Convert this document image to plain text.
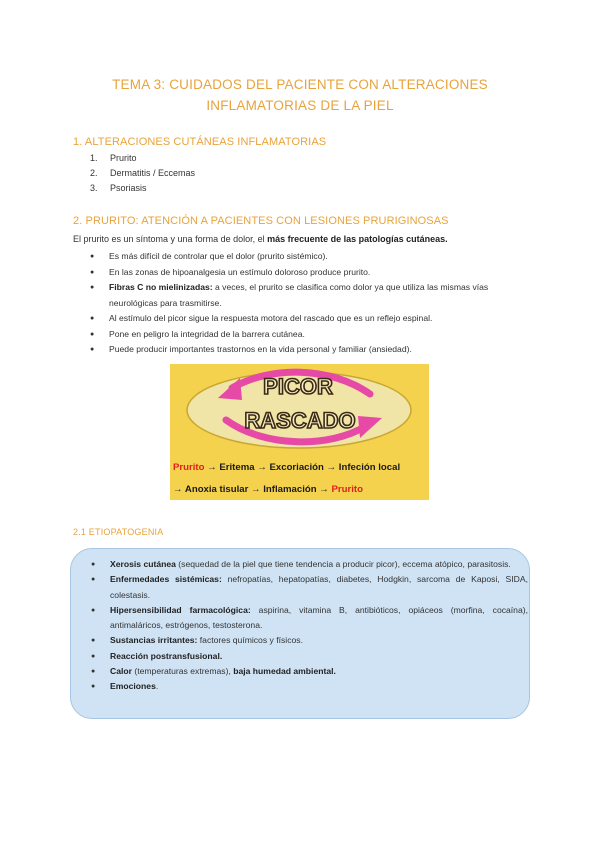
TEMA 3: CUIDADOS DEL PACIENTE CON ALTERACIONES
INFLAMATORIAS DE LA PIEL
1. ALTERACIONES CUTÁNEAS INFLAMATORIAS
1. Prurito
2. Dermatitis / Eccemas
3. Psoriasis
2. PRURITO: ATENCIÓN A PACIENTES CON LESIONES PRURIGINOSAS
El prurito es un síntoma y una forma de dolor, el más frecuente de las patologías cutáneas.
● Es más difícil de controlar que el dolor (prurito sistémico).
● En las zonas de hipoanalgesia un estímulo doloroso produce prurito.
● Fibras C no mielinizadas: a veces, el prurito se clasifica como dolor ya que utiliza las mismas vías neurológicas para trasmitirse.
● Al estímulo del picor sigue la respuesta motora del rascado que es un reflejo espinal.
● Pone en peligro la integridad de la barrera cutánea.
● Puede producir importantes trastornos en la vida personal y familiar (ansiedad).
PICOR
RASCADO
Prurito → Eritema → Excoriación → Infeción local
→ Anoxia tisular → Inflamación → Prurito
2.1 ETIOPATOGENIA
● Xerosis cutánea (sequedad de la piel que tiene tendencia a producir picor), eccema atópico, parasitosis.
● Enfermedades sistémicas: nefropatías, hepatopatías, diabetes, Hodgkin, sarcoma de Kaposi, SIDA, colestasis.
● Hipersensibilidad farmacológica: aspirina, vitamina B, antibióticos, opiáceos (morfina, cocaína), antimaláricos, estrógenos, testosterona.
● Sustancias irritantes: factores químicos y físicos.
● Reacción postransfusional.
● Calor (temperaturas extremas), baja humedad ambiental.
● Emociones.
